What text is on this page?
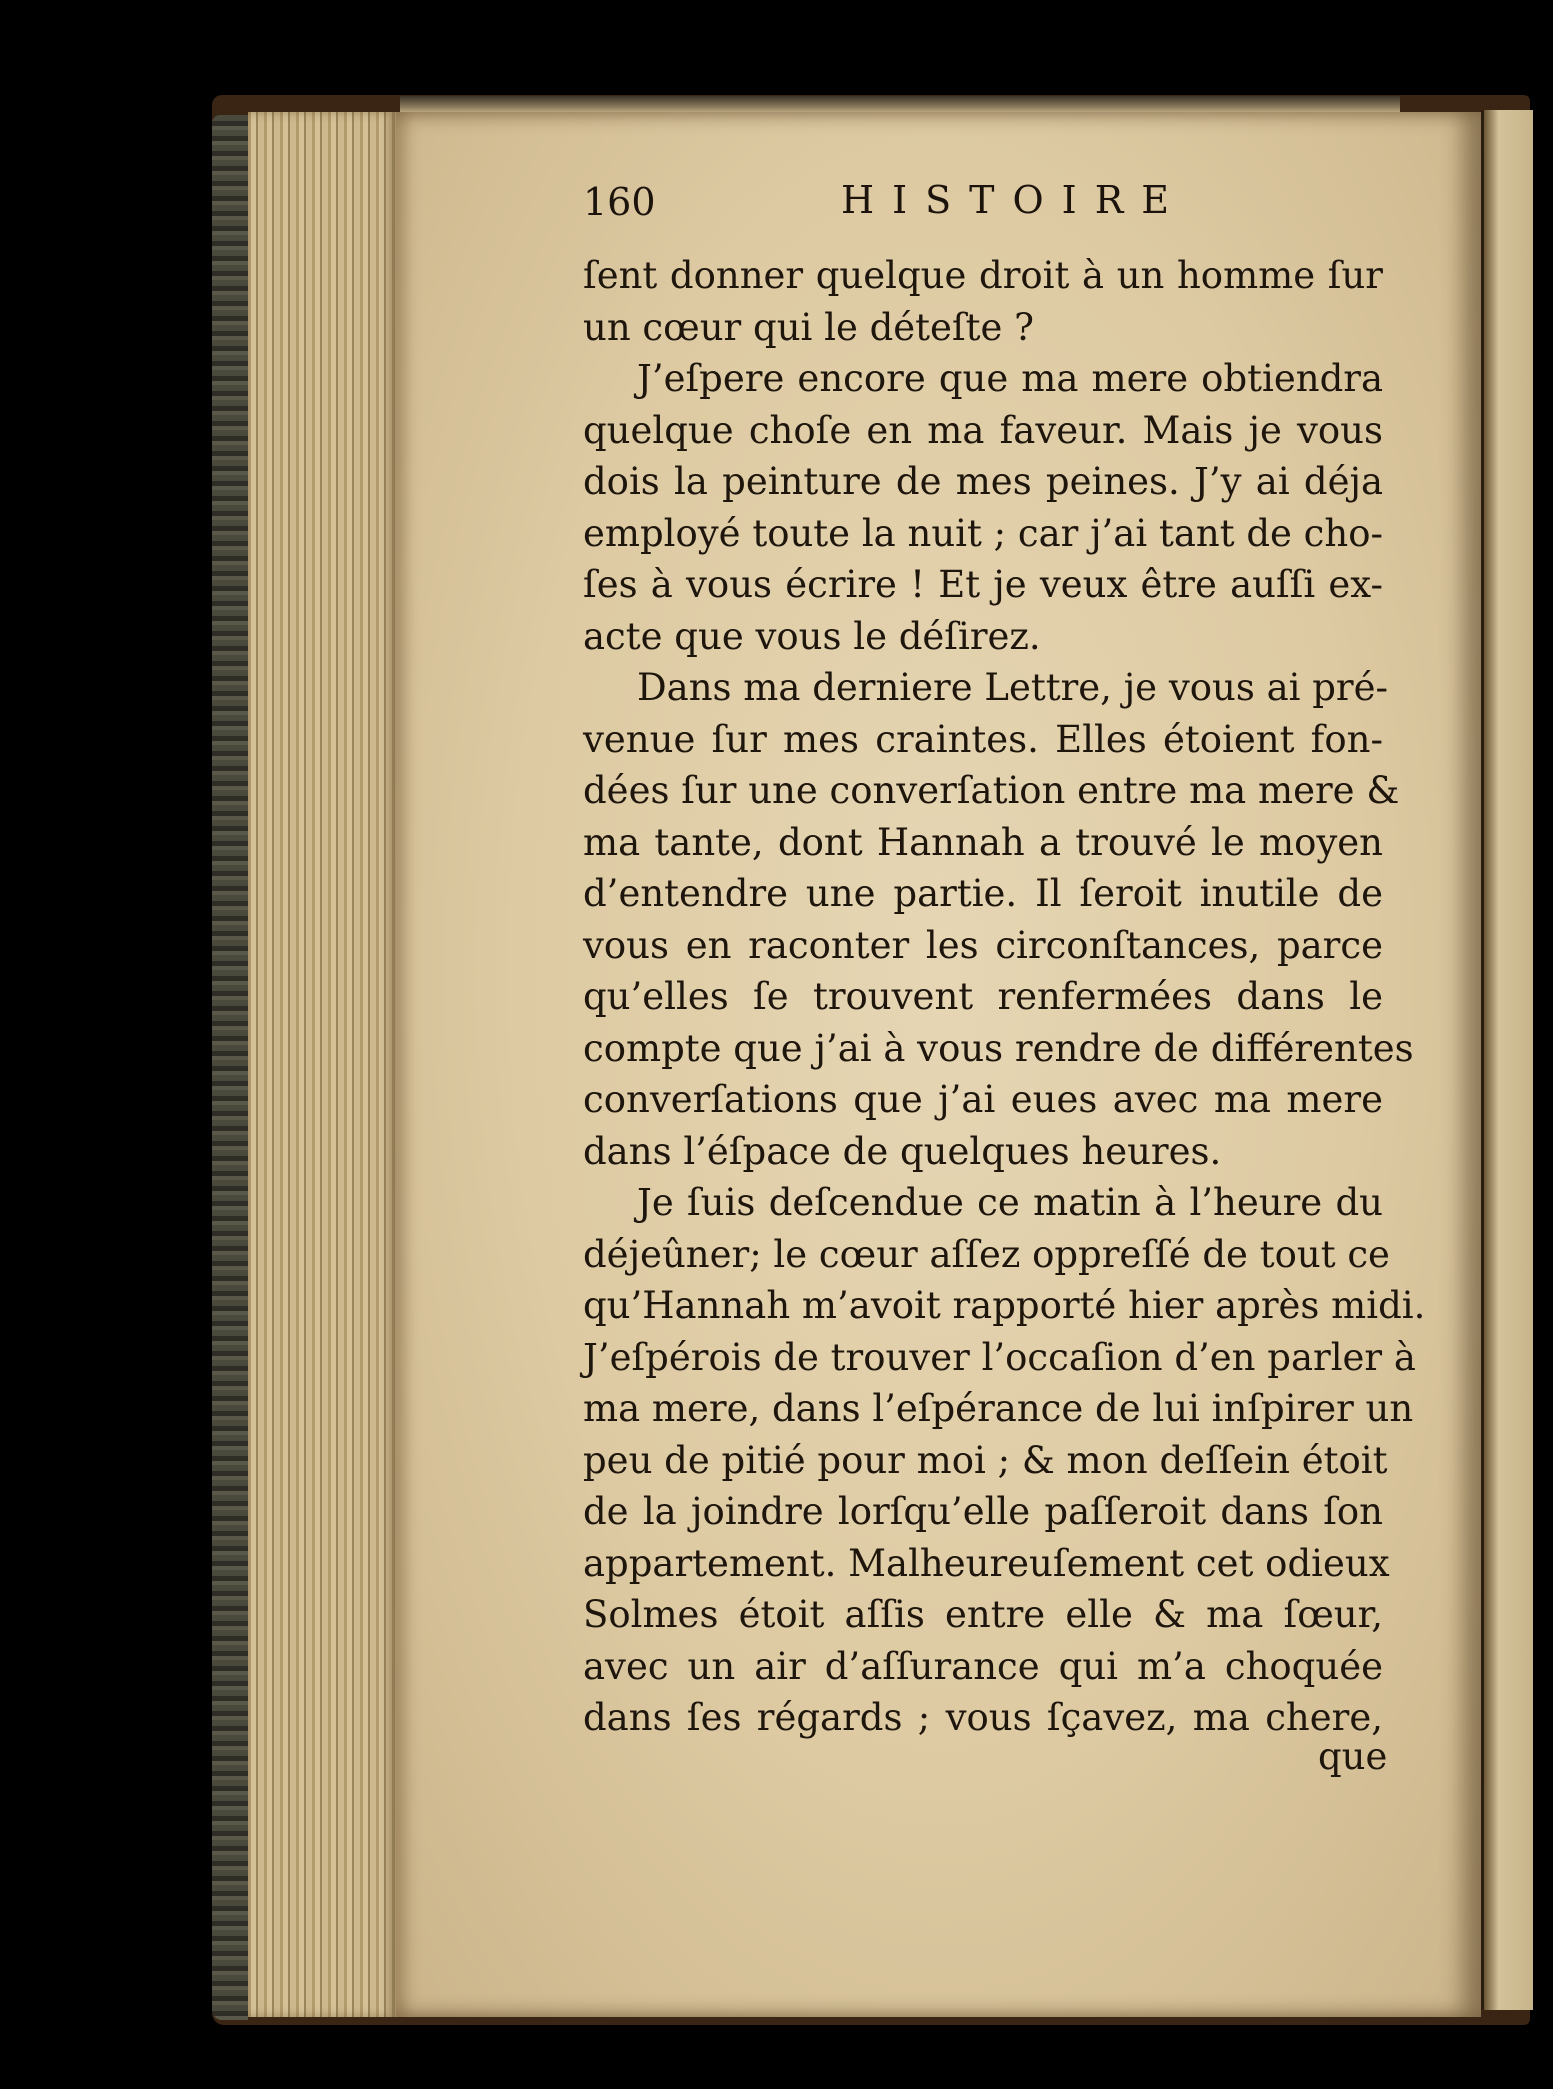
160	HISTOIRE
ſent donner quelque droit à un homme ſur
un cœur qui le déteſte ?
J’eſpere encore que ma mere obtiendra
quelque choſe en ma faveur. Mais je vous
dois la peinture de mes peines. J’y ai déja
employé toute la nuit ; car j’ai tant de cho-
ſes à vous écrire ! Et je veux être auſſi ex-
acte que vous le déſirez.
Dans ma derniere Lettre, je vous ai pré-
venue ſur mes craintes. Elles étoient fon-
dées ſur une converſation entre ma mere &
ma tante, dont Hannah a trouvé le moyen
d’entendre une partie. Il ſeroit inutile de
vous en raconter les circonſtances, parce
qu’elles ſe trouvent renfermées dans le
compte que j’ai à vous rendre de différentes
converſations que j’ai eues avec ma mere
dans l’éſpace de quelques heures.
Je ſuis deſcendue ce matin à l’heure du
déjeûner; le cœur aſſez oppreſſé de tout ce
qu’Hannah m’avoit rapporté hier après midi.
J’eſpérois de trouver l’occaſion d’en parler à
ma mere, dans l’eſpérance de lui inſpirer un
peu de pitié pour moi ; & mon deſſein étoit
de la joindre lorſqu’elle paſſeroit dans ſon
appartement. Malheureuſement cet odieux
Solmes étoit aſſis entre elle & ma ſœur,
avec un air d’aſſurance qui m’a choquée
dans ſes régards ; vous ſçavez, ma chere,
que
